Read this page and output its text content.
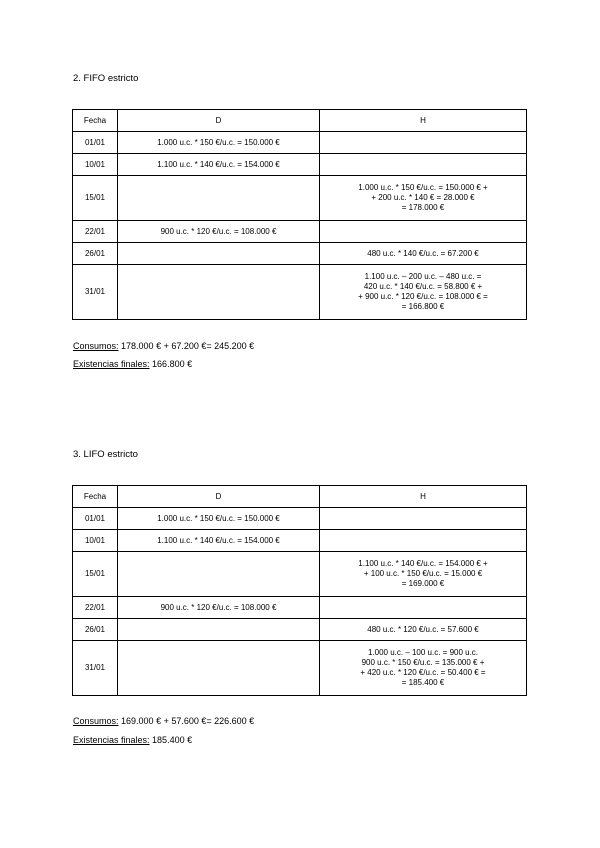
2. FIFO estricto
Fecha	D	H
01/01	1.000 u.c. * 150 €/u.c. = 150.000 €	
10/01	1.100 u.c. * 140 €/u.c. = 154.000 €	
15/01		1.000 u.c. * 150 €/u.c. = 150.000 € +
+ 200 u.c. * 140 € = 28.000 €
= 178.000 €
22/01	900 u.c. * 120 €/u.c. = 108.000 €	
26/01		480 u.c. * 140 €/u.c. = 67.200 €
31/01		1.100 u.c. – 200 u.c. – 480 u.c. =
420 u.c. * 140 €/u.c. = 58.800 € +
+ 900 u.c. * 120 €/u.c. = 108.000 € =
= 166.800 €
Consumos: 178.000 € + 67.200 €= 245.200 €
Existencias finales: 166.800 €
3. LIFO estricto
Fecha	D	H
01/01	1.000 u.c. * 150 €/u.c. = 150.000 €	
10/01	1.100 u.c. * 140 €/u.c. = 154.000 €	
15/01		1.100 u.c. * 140 €/u.c. = 154.000 € +
+ 100 u.c. * 150 €/u.c. = 15.000 €
= 169.000 €
22/01	900 u.c. * 120 €/u.c. = 108.000 €	
26/01		480 u.c. * 120 €/u.c. = 57.600 €
31/01		1.000 u.c. – 100 u.c. = 900 u.c.
900 u.c. * 150 €/u.c. = 135.000 € +
+ 420 u.c. * 120 €/u.c. = 50.400 € =
= 185.400 €
Consumos: 169.000 € + 57.600 €= 226.600 €
Existencias finales: 185.400 €
